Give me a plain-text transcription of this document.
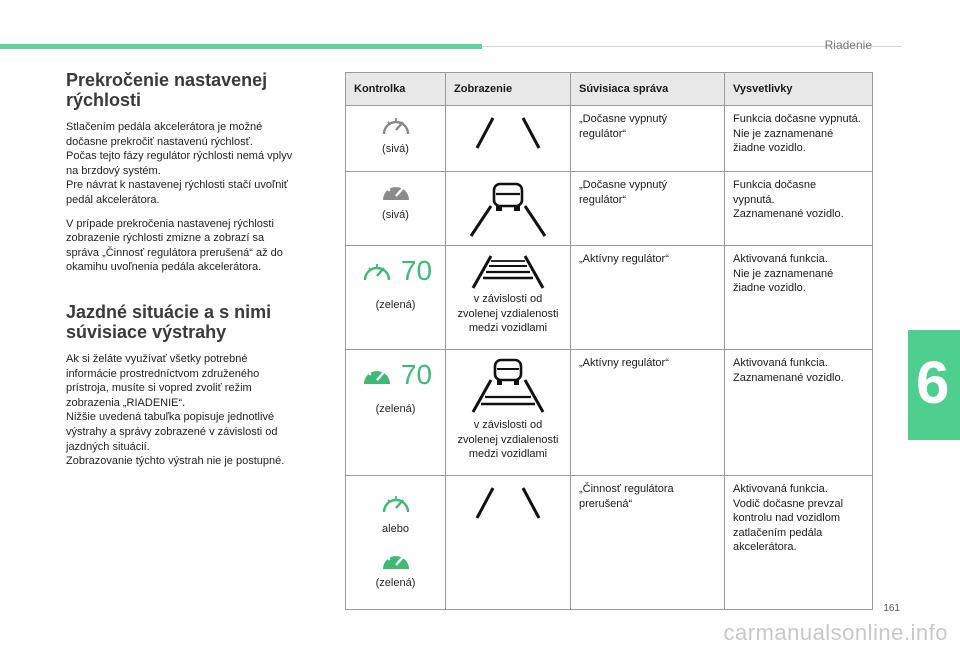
Riadenie
6
Prekročenie nastavenej
rýchlosti

Stlačením pedála akcelerátora je možné
dočasne prekročiť nastavenú rýchlosť.
Počas tejto fázy regulátor rýchlosti nemá vplyv
na brzdový systém.
Pre návrat k nastavenej rýchlosti stačí uvoľniť
pedál akcelerátora.

V prípade prekročenia nastavenej rýchlosti
zobrazenie rýchlosti zmizne a zobrazí sa
správa „Činnosť regulátora prerušená“ až do
okamihu uvoľnenia pedála akcelerátora.

Jazdné situácie a s nimi
súvisiace výstrahy

Ak si želáte využívať všetky potrebné
informácie prostredníctvom združeného
prístroja, musíte si vopred zvoliť režim
zobrazenia „RIADENIE“.
Nižšie uvedená tabuľka popisuje jednotlivé
výstrahy a správy zobrazené v závislosti od
jazdných situácií.
Zobrazovanie týchto výstrah nie je postupné.

Kontrolka	Zobrazenie	Súvisiaca správa	Vysvetlivky

(sivá)		„Dočasne vypnutý
regulátor“	Funkcia dočasne vypnutá.
Nie je zaznamenané
žiadne vozidlo.

(sivá)		„Dočasne vypnutý
regulátor“	Funkcia dočasne
vypnutá.
Zaznamenané vozidlo.

70
(zelená)	v závislosti od
zvolenej vzdialenosti
medzi vozidlami	„Aktívny regulátor“	Aktivovaná funkcia.
Nie je zaznamenané
žiadne vozidlo.

70
(zelená)	v závislosti od
zvolenej vzdialenosti
medzi vozidlami	„Aktívny regulátor“	Aktivovaná funkcia.
Zaznamenané vozidlo.

alebo
(zelená)		„Činnosť regulátora
prerušená“	Aktivovaná funkcia.
Vodič dočasne prevzal
kontrolu nad vozidlom
zatlačením pedála
akcelerátora.
161
carmanualsonline.info
